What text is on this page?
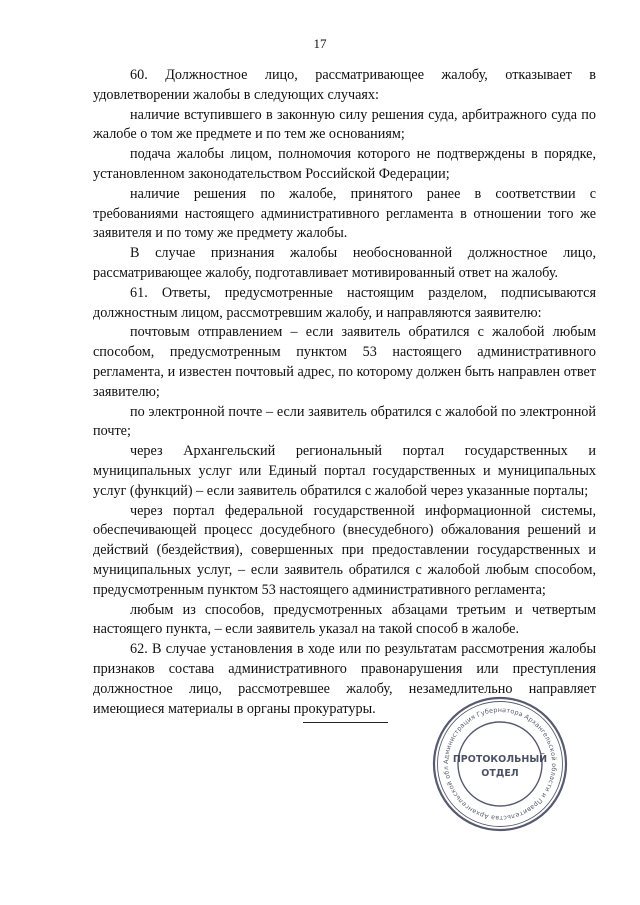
17

60. Должностное лицо, рассматривающее жалобу, отказывает в удовлетворении жалобы в следующих случаях:

наличие вступившего в законную силу решения суда, арбитражного суда по жалобе о том же предмете и по тем же основаниям;

подача жалобы лицом, полномочия которого не подтверждены в порядке, установленном законодательством Российской Федерации;

наличие решения по жалобе, принятого ранее в соответствии с требованиями настоящего административного регламента в отношении того же заявителя и по тому же предмету жалобы.

В случае признания жалобы необоснованной должностное лицо, рассматривающее жалобу, подготавливает мотивированный ответ на жалобу.

61. Ответы, предусмотренные настоящим разделом, подписываются должностным лицом, рассмотревшим жалобу, и направляются заявителю:

почтовым отправлением – если заявитель обратился с жалобой любым способом, предусмотренным пунктом 53 настоящего административного регламента, и известен почтовый адрес, по которому должен быть направлен ответ заявителю;

по электронной почте – если заявитель обратился с жалобой по электронной почте;

через Архангельский региональный портал государственных и муниципальных услуг или Единый портал государственных и муниципальных услуг (функций) – если заявитель обратился с жалобой через указанные порталы;

через портал федеральной государственной информационной системы, обеспечивающей процесс досудебного (внесудебного) обжалования решений и действий (бездействия), совершенных при предоставлении государственных и муниципальных услуг, – если заявитель обратился с жалобой любым способом, предусмотренным пунктом 53 настоящего административного регламента;

любым из способов, предусмотренных абзацами третьим и четвертым настоящего пункта, – если заявитель указал на такой способ в жалобе.

62. В случае установления в ходе или по результатам рассмотрения жалобы признаков состава административного правонарушения или преступления должностное лицо, рассмотревшее жалобу, незамедлительно направляет имеющиеся материалы в органы прокуратуры.

Администрация Губернатора Архангельской области и Правительства Архангельской обл
ПРОТОКОЛЬНЫЙ
ОТДЕЛ
